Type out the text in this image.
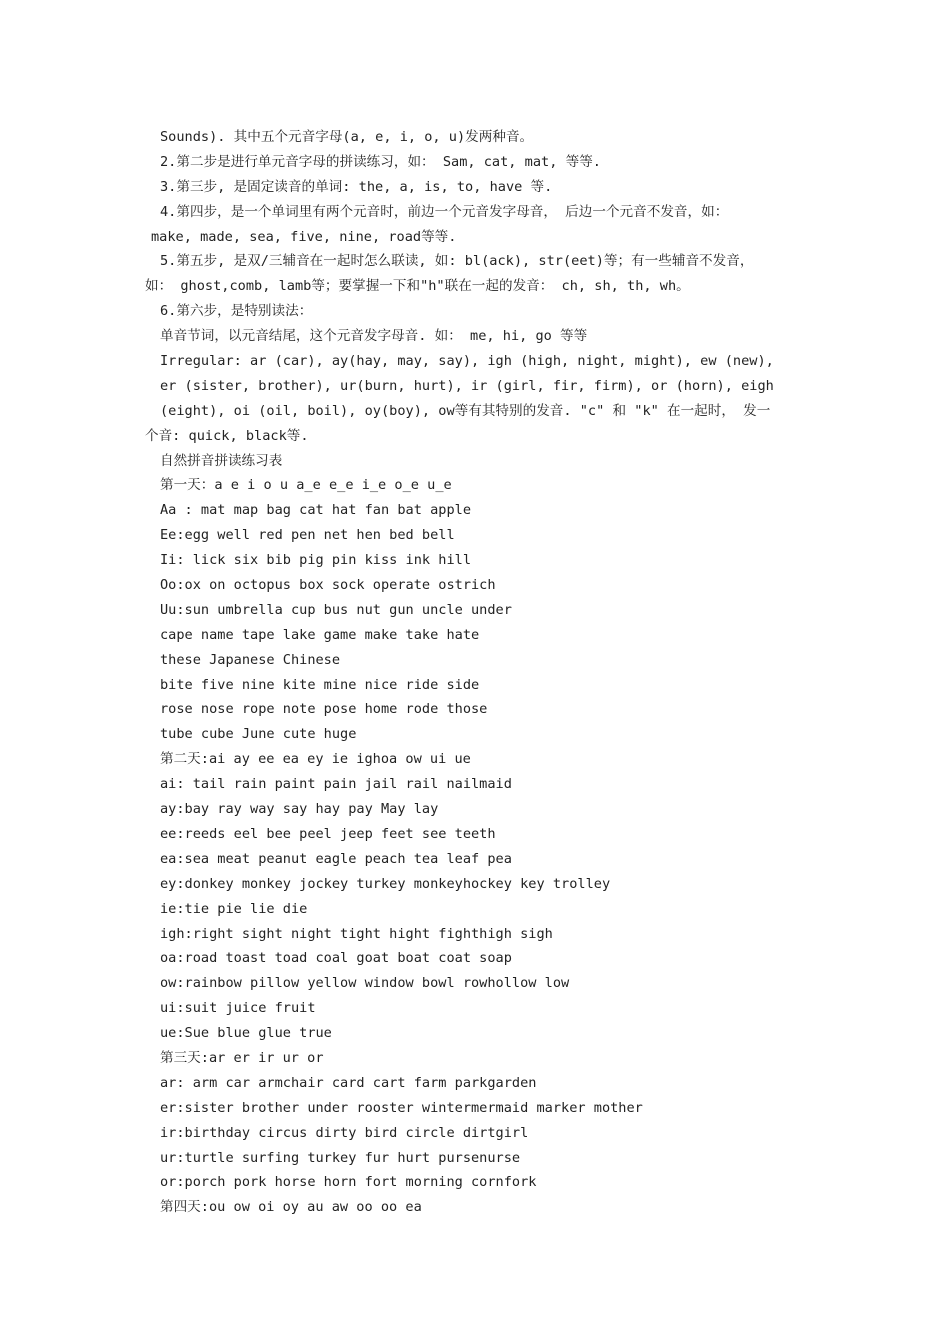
Sounds). 其中五个元音字母(a, e, i, o, u)发两种音。
2.第二步是进行单元音字母的拼读练习，如： Sam, cat, mat, 等等.
3.第三步, 是固定读音的单词: the, a, is, to, have 等.
4.第四步，是一个单词里有两个元音时，前边一个元音发字母音， 后边一个元音不发音，如：
make, made, sea, five, nine, road等等.
5.第五步, 是双/三辅音在一起时怎么联读, 如: bl(ack), str(eet)等；有一些辅音不发音，
如： ghost,comb, lamb等；要掌握一下和"h"联在一起的发音： ch, sh, th, wh。
6.第六步，是特别读法：
单音节词，以元音结尾，这个元音发字母音. 如： me, hi, go 等等
Irregular: ar (car), ay(hay, may, say), igh (high, night, might), ew (new),
er (sister, brother), ur(burn, hurt), ir (girl, fir, firm), or (horn), eigh
(eight), oi (oil, boil), oy(boy), ow等有其特别的发音. "c" 和 "k" 在一起时， 发一
个音: quick, black等.
自然拼音拼读练习表
第一天：a e i o u a_e e_e i_e o_e u_e
Aa : mat map bag cat hat fan bat apple
Ee:egg well red pen net hen bed bell
Ii: lick six bib pig pin kiss ink hill
Oo:ox on octopus box sock operate ostrich
Uu:sun umbrella cup bus nut gun uncle under
cape name tape lake game make take hate
these Japanese Chinese
bite five nine kite mine nice ride side
rose nose rope note pose home rode those
tube cube June cute huge
第二天:ai ay ee ea ey ie ighoa ow ui ue
ai: tail rain paint pain jail rail nailmaid
ay:bay ray way say hay pay May lay
ee:reeds eel bee peel jeep feet see teeth
ea:sea meat peanut eagle peach tea leaf pea
ey:donkey monkey jockey turkey monkeyhockey key trolley
ie:tie pie lie die
igh:right sight night tight hight fighthigh sigh
oa:road toast toad coal goat boat coat soap
ow:rainbow pillow yellow window bowl rowhollow low
ui:suit juice fruit
ue:Sue blue glue true
第三天:ar er ir ur or
ar: arm car armchair card cart farm parkgarden
er:sister brother under rooster wintermermaid marker mother
ir:birthday circus dirty bird circle dirtgirl
ur:turtle surfing turkey fur hurt pursenurse
or:porch pork horse horn fort morning cornfork
第四天:ou ow oi oy au aw oo oo ea
